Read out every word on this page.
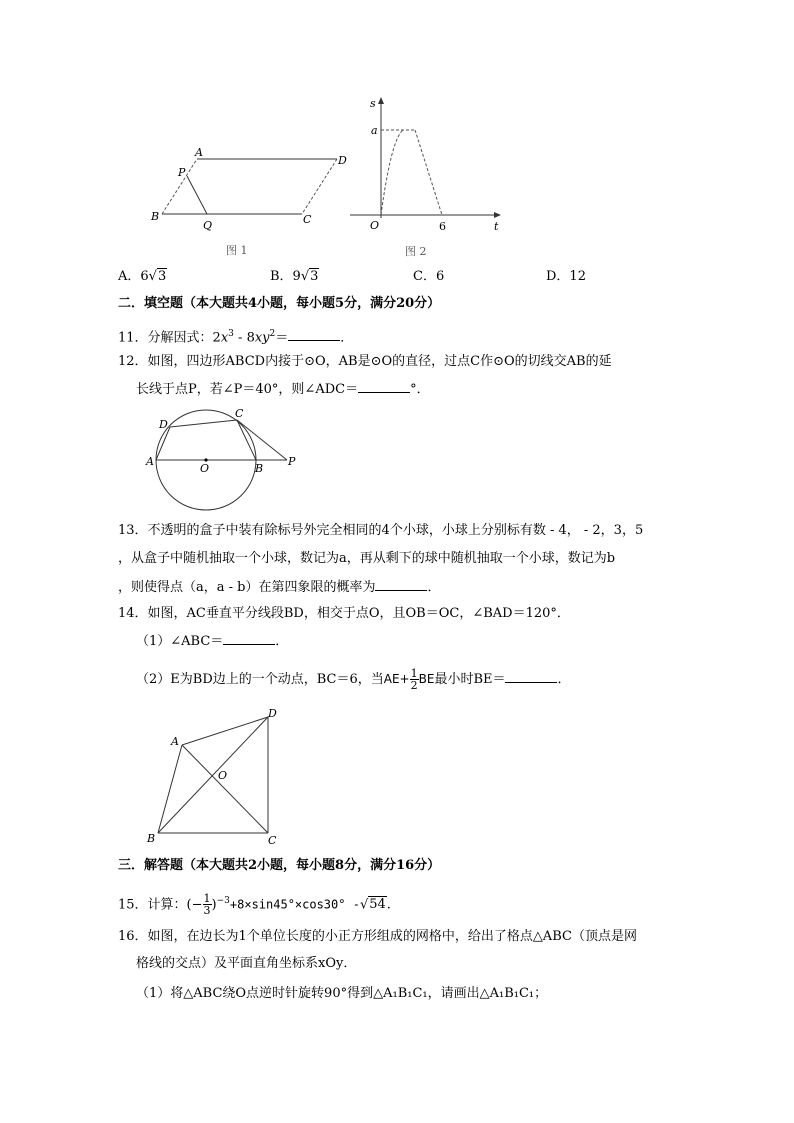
A
D
P
B
Q	C
图 1
s
a
O	6	t
图 2
A．6√3	B．9√3	C．6	D．12
二．填空题（本大题共4小题，每小题5分，满分20分）
11．分解因式：$2x^3 - 8xy^2=$	．
12．如图，四边形ABCD内接于⊙O，AB是⊙O的直径，过点C作⊙O的切线交AB的延
长线于点P，若∠P＝40°，则∠ADC＝	°．
D
C
A
O	B
P
13．不透明的盒子中装有除标号外完全相同的4个小球，小球上分别标有数 - 4， - 2，3，5
，从盒子中随机抽取一个小球，数记为a，再从剩下的球中随机抽取一个小球，数记为b
，则使得点（a，a - b）在第四象限的概率为	．
14．如图，AC垂直平分线段BD，相交于点O，且OB＝OC，∠BAD＝120°．
（1）∠ABC＝	．
（2）E为BD边上的一个动点，BC＝6，当$AE+ \frac{1}{2}$ BE最小时BE＝	．
A
D
O
B	C
三．解答题（本大题共2小题，每小题8分，满分16分）
15．计算：(− $\frac{1}{3} )^{-3}+8\times\sin 45^\circ\times\cos 30^\circ$ -√54.
16．如图，在边长为1个单位长度的小正方形组成的网格中，给出了格点△ABC（顶点是网
格线的交点）及平面直角坐标系xOy．
（1）将△ABC绕O点逆时针旋转90°得到△A₁B₁C₁，请画出△A₁B₁C₁；
